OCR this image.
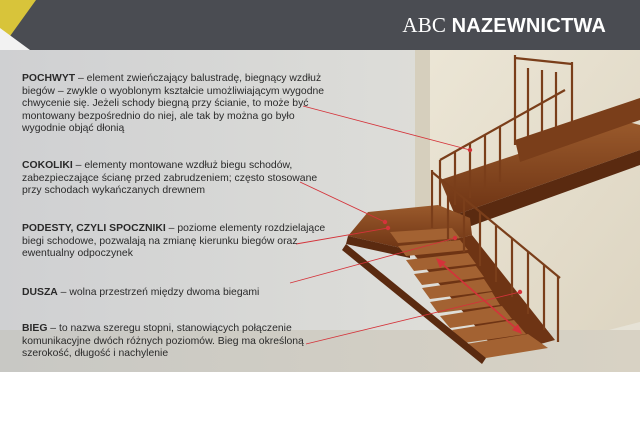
ABC NAZEWNICTWA
POCHWYT – element zwieńczający balustradę, biegnący wzdłuż biegów – zwykle o wyoblonym kształcie umożliwiającym wygodne chwycenie się. Jeżeli schody biegną przy ścianie, to może być montowany bezpośrednio do niej, ale tak by można go było wygodnie objąć dłonią
COKOLIKI – elementy montowane wzdłuż biegu schodów, zabezpieczające ścianę przed zabrudzeniem; często stosowane przy schodach wykańczanych drewnem
PODESTY, CZYLI SPOCZNIKI – poziome elementy rozdzielające biegi schodowe, pozwalają na zmianę kierunku biegów oraz ewentualny odpoczynek
DUSZA – wolna przestrzeń między dwoma biegami
BIEG – to nazwa szeregu stopni, stanowiących połączenie komunikacyjne dwóch różnych poziomów. Bieg ma określoną szerokość, długość i nachylenie
